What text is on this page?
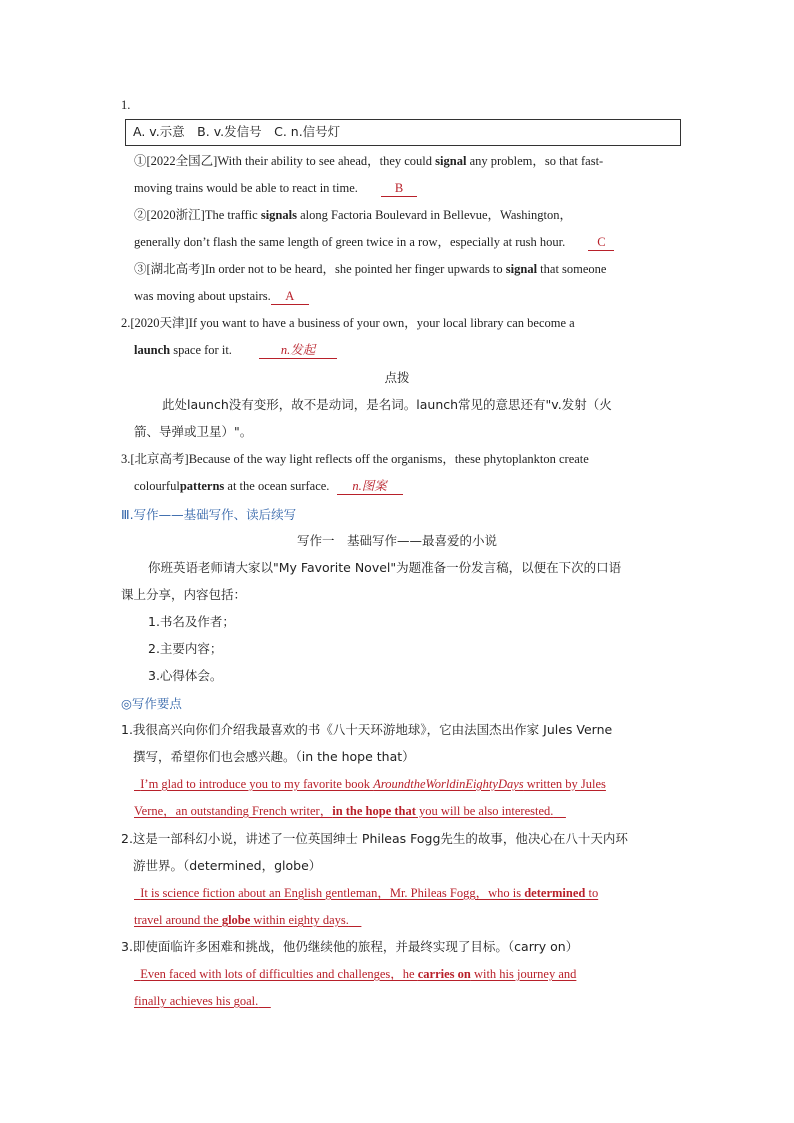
1.
A. v.示意　B. v.发信号　C. n.信号灯
①[2022全国乙]With their ability to see ahead，they could signal any problem，so that fast-
moving trains would be able to react in time.	B
②[2020浙江]The traffic signals along Factoria Boulevard in Bellevue，Washington，
generally don’t flash the same length of green twice in a row，especially at rush hour.	C
③[湖北高考]In order not to be heard，she pointed her finger upwards to signal that someone
was moving about upstairs. A
2.[2020天津]If you want to have a business of your own，your local library can become a
launch space for it.	n.发起
点拨
此处launch没有变形，故不是动词，是名词。launch常见的意思还有"v.发射（火
箭、导弹或卫星）"。
3.[北京高考]Because of the way light reflects off the organisms，these phytoplankton create
colourfulpatterns at the ocean surface. n.图案
Ⅲ.写作——基础写作、读后续写
写作一　基础写作——最喜爱的小说
你班英语老师请大家以"My Favorite Novel"为题准备一份发言稿，以便在下次的口语
课上分享，内容包括：
1.书名及作者；
2.主要内容；
3.心得体会。
◎写作要点
1.我很高兴向你们介绍我最喜欢的书《八十天环游地球》，它由法国杰出作家 Jules Verne
撰写，希望你们也会感兴趣。（in the hope that）
I’m glad to introduce you to my favorite book AroundtheWorldinEightyDays written by Jules
Verne，an outstanding French writer，in the hope that you will be also interested.
2.这是一部科幻小说，讲述了一位英国绅士 Phileas Fogg先生的故事，他决心在八十天内环
游世界。（determined，globe）
It is science fiction about an English gentleman，Mr. Phileas Fogg，who is determined to
travel around the globe within eighty days.
3.即使面临许多困难和挑战，他仍继续他的旅程，并最终实现了目标。（carry on）
Even faced with lots of difficulties and challenges，he carries on with his journey and
finally achieves his goal.
